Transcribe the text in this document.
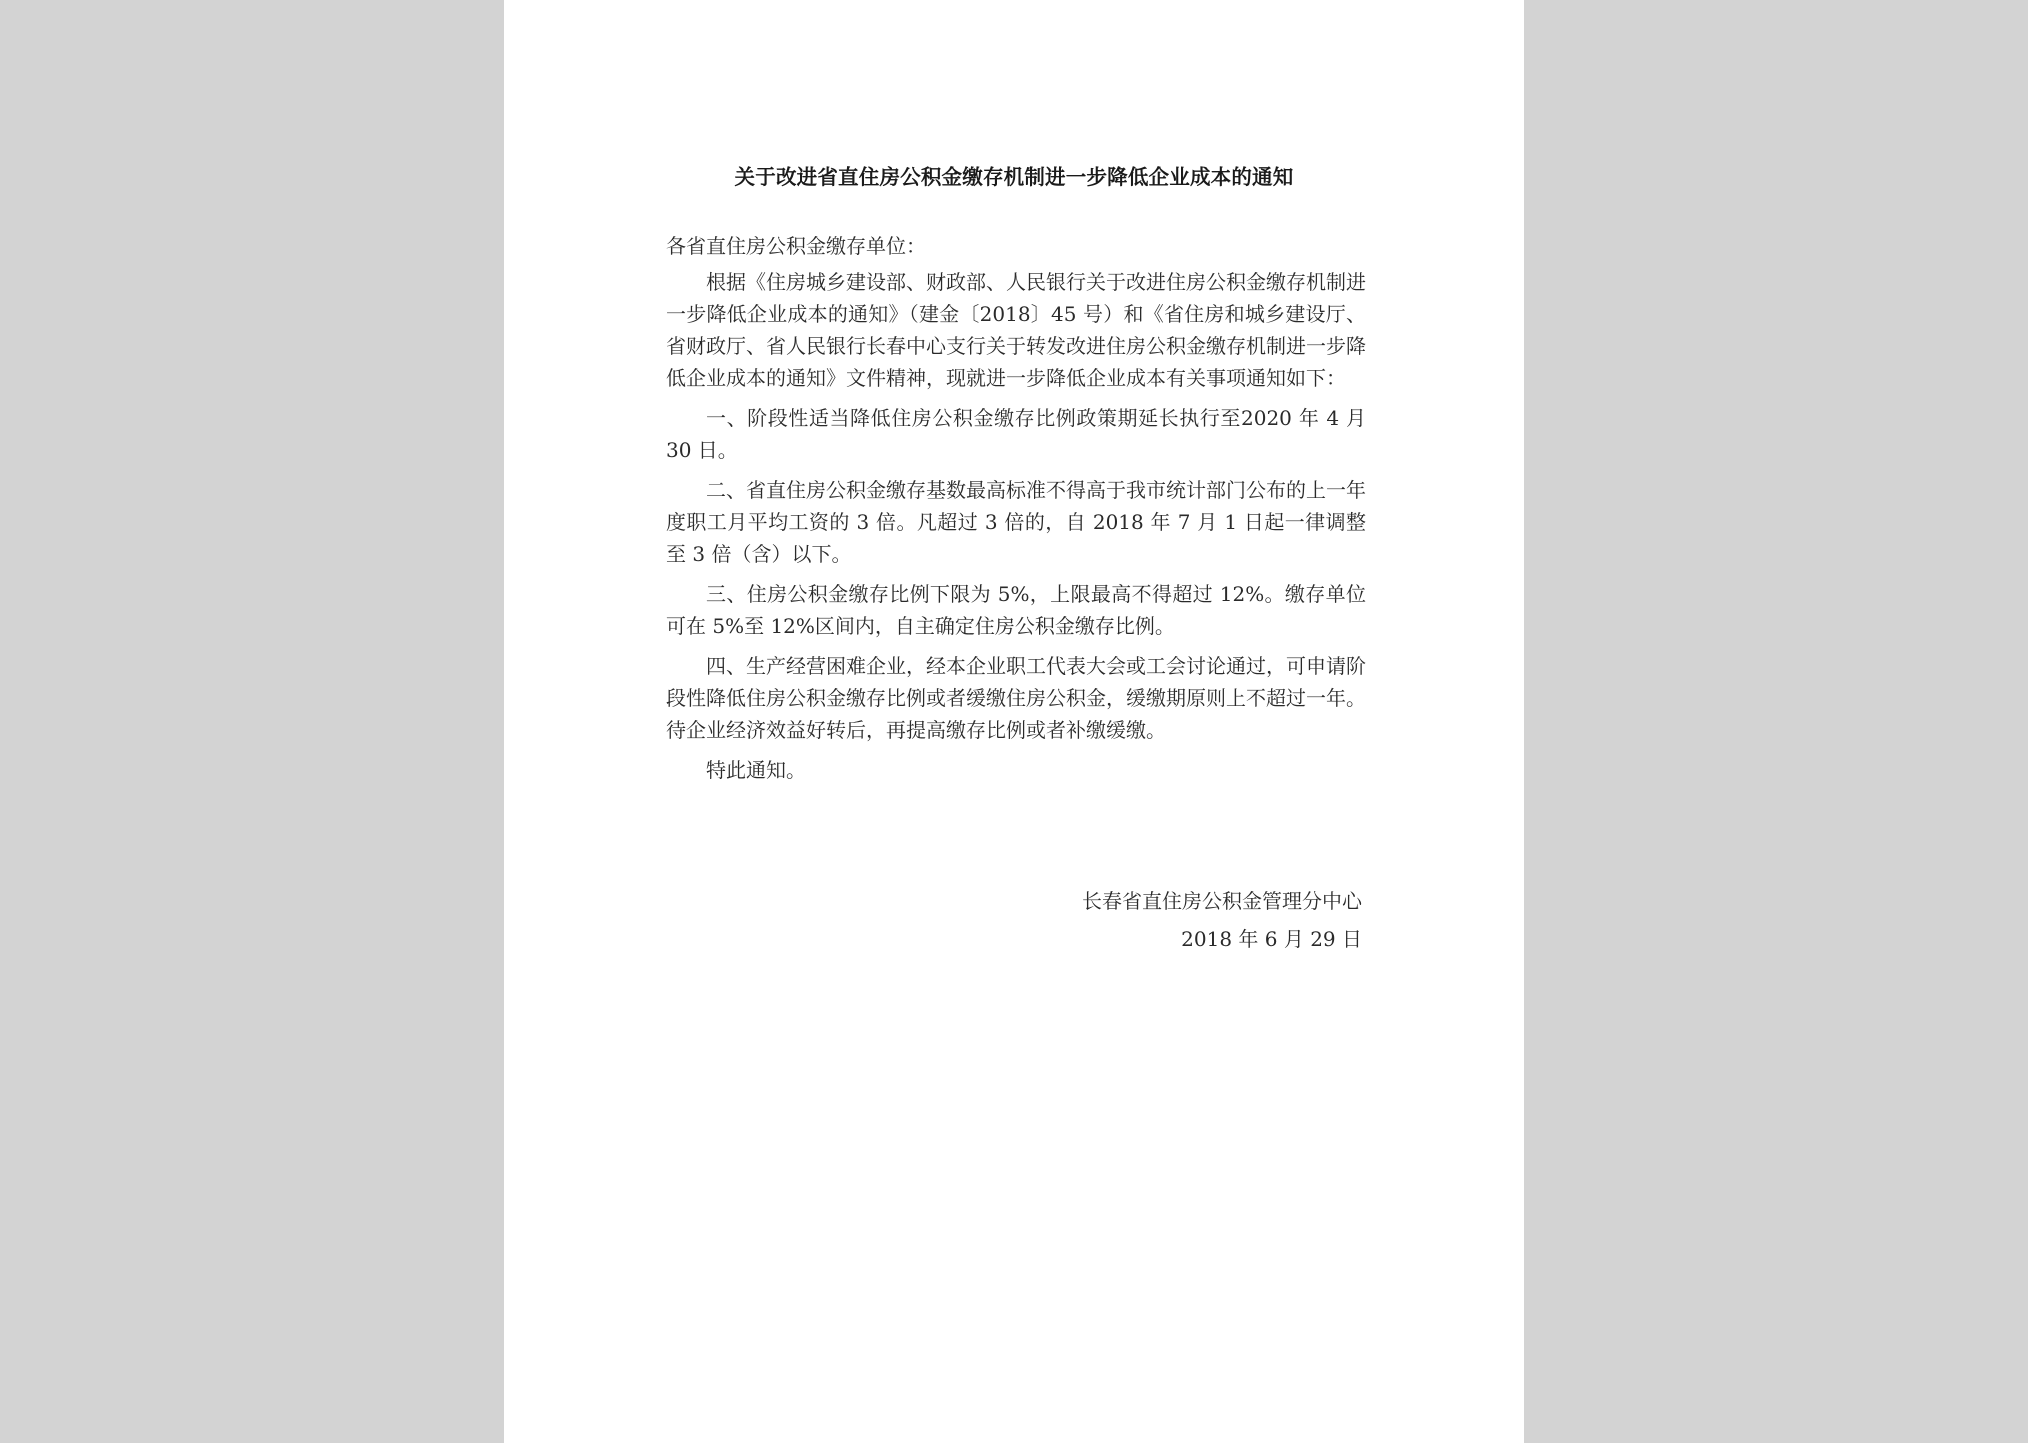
关于改进省直住房公积金缴存机制进一步降低企业成本的通知

各省直住房公积金缴存单位：

根据《住房城乡建设部、财政部、人民银行关于改进住房公积金缴存机制进一步降低企业成本的通知》（建金〔2018〕45 号）和《省住房和城乡建设厅、省财政厅、省人民银行长春中心支行关于转发改进住房公积金缴存机制进一步降低企业成本的通知》文件精神，现就进一步降低企业成本有关事项通知如下：

一、阶段性适当降低住房公积金缴存比例政策期延长执行至2020 年 4 月 30 日。

二、省直住房公积金缴存基数最高标准不得高于我市统计部门公布的上一年度职工月平均工资的 3 倍。凡超过 3 倍的，自 2018 年 7 月 1 日起一律调整至 3 倍（含）以下。

三、住房公积金缴存比例下限为 5%，上限最高不得超过 12%。缴存单位可在 5%至 12%区间内，自主确定住房公积金缴存比例。

四、生产经营困难企业，经本企业职工代表大会或工会讨论通过，可申请阶段性降低住房公积金缴存比例或者缓缴住房公积金，缓缴期原则上不超过一年。待企业经济效益好转后，再提高缴存比例或者补缴缓缴。

特此通知。

长春省直住房公积金管理分中心
2018 年 6 月 29 日
